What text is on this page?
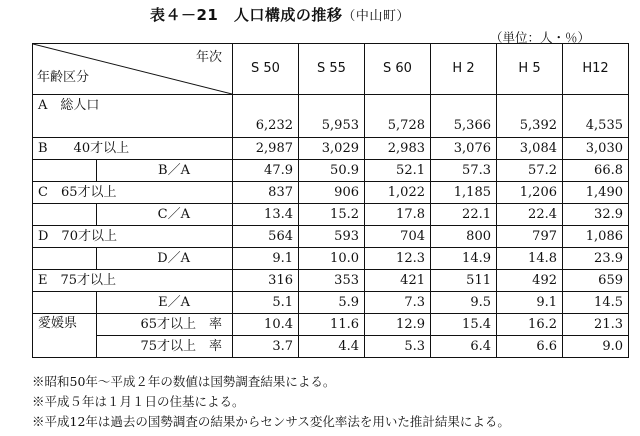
表４－21　人口構成の推移（中山町）
（単位：人・％）
年次
年齢区分		S 50	S 55	S 60	H 2	H 5	H12
A　総人口		6,232	5,953	5,728	5,366	5,392	4,535
B　　40才以上		2,987	3,029	2,983	3,076	3,084	3,030
	B／A	47.9	50.9	52.1	57.3	57.2	66.8
C　65才以上		837	906	1,022	1,185	1,206	1,490
	C／A	13.4	15.2	17.8	22.1	22.4	32.9
D　70才以上		564	593	704	800	797	1,086
	D／A	9.1	10.0	12.3	14.9	14.8	23.9
E　75才以上		316	353	421	511	492	659
	E／A	5.1	5.9	7.3	9.5	9.1	14.5
愛媛県	65才以上　率	10.4	11.6	12.9	15.4	16.2	21.3
	75才以上　率	3.7	4.4	5.3	6.4	6.6	9.0
※昭和50年～平成２年の数値は国勢調査結果による。
※平成５年は１月１日の住基による。
※平成12年は過去の国勢調査の結果からセンサス変化率法を用いた推計結果による。
